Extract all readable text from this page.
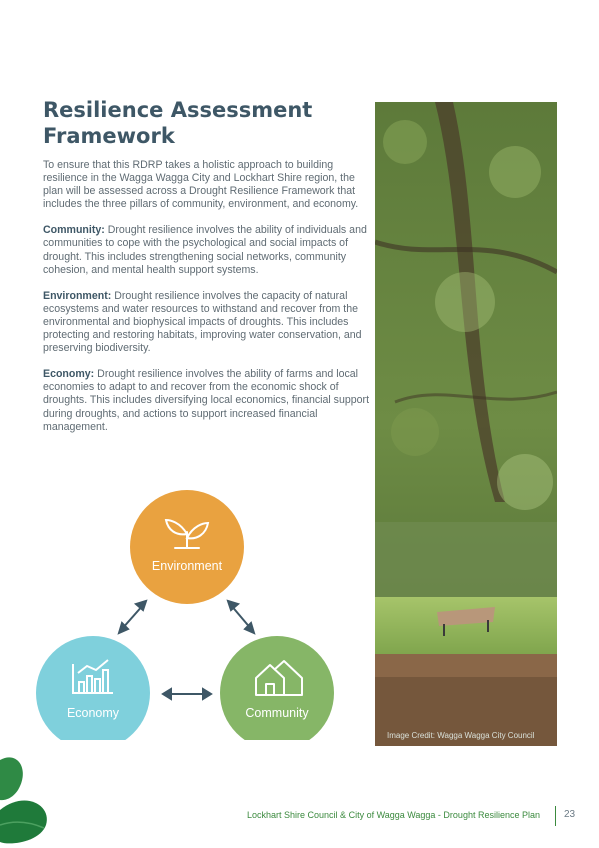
Resilience Assessment Framework

To ensure that this RDRP takes a holistic approach to building resilience in the Wagga Wagga City and Lockhart Shire region, the plan will be assessed across a Drought Resilience Framework that includes the three pillars of community, environment, and economy.

Community: Drought resilience involves the ability of individuals and communities to cope with the psychological and social impacts of drought. This includes strengthening social networks, community cohesion, and mental health support systems.

Environment: Drought resilience involves the capacity of natural ecosystems and water resources to withstand and recover from the environmental and biophysical impacts of droughts. This includes protecting and restoring habitats, improving water conservation, and preserving biodiversity.

Economy: Drought resilience involves the ability of farms and local economies to adapt to and recover from the economic shock of droughts. This includes diversifying local economics, financial support during droughts, and actions to support increased financial management.

Image Credit: Wagga Wagga City Council
Environment
Economy	Community
Lockhart Shire Council & City of Wagga Wagga - Drought Resilience Plan 23
